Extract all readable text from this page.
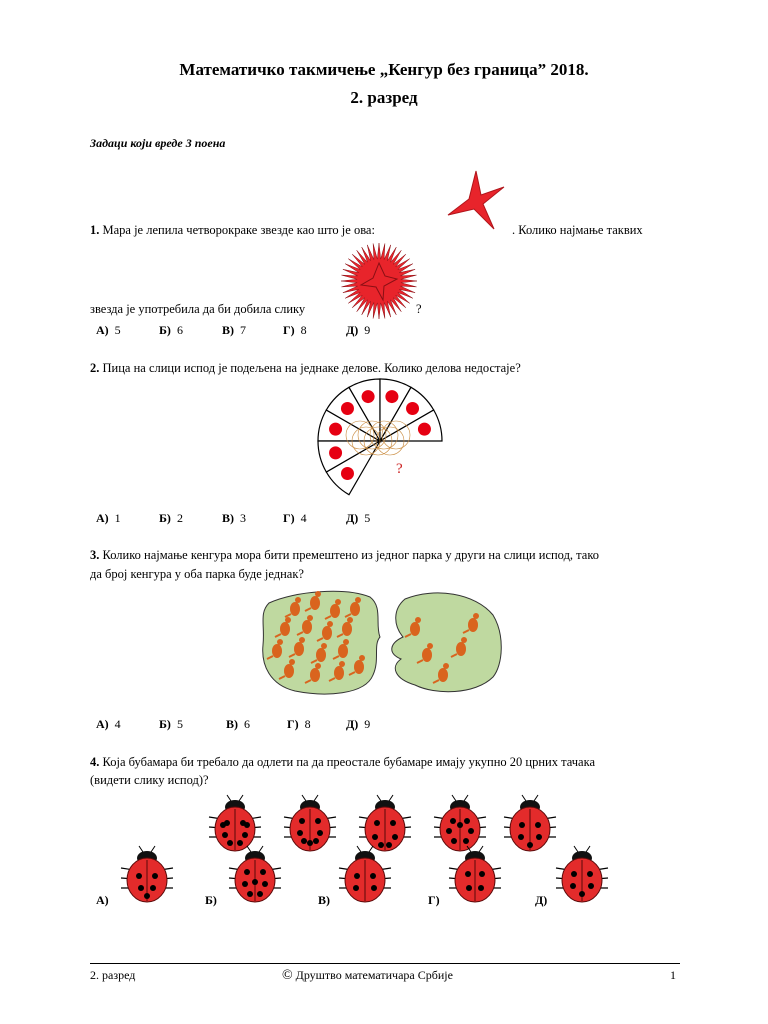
Математичко такмичење „Кенгур без граница” 2018.
2. разред
Задаци који вреде 3 поена
1. Мара је лепила четворокраке звезде као што је ова:	. Колико најмање таквих
звезда је употребила да би добила слику	?
А) 5	Б) 6	В) 7	Г) 8	Д) 9
2. Пица на слици испод је подељена на једнаке делове. Колико делова недостаје?
?
А) 1	Б) 2	В) 3	Г) 4	Д) 5
3. Колико најмање кенгура мора бити премештено из једног парка у други на слици испод, тако
да број кенгура у оба парка буде једнак?
А) 4	Б) 5	В) 6	Г) 8	Д) 9
4. Која бубамара би требало да одлети па да преостале бубамаре имају укупно 20 црних тачака
(видети слику испод)?
А)	Б)	В)	Г)	Д)
2. разред	© Друштво математичара Србије	1
